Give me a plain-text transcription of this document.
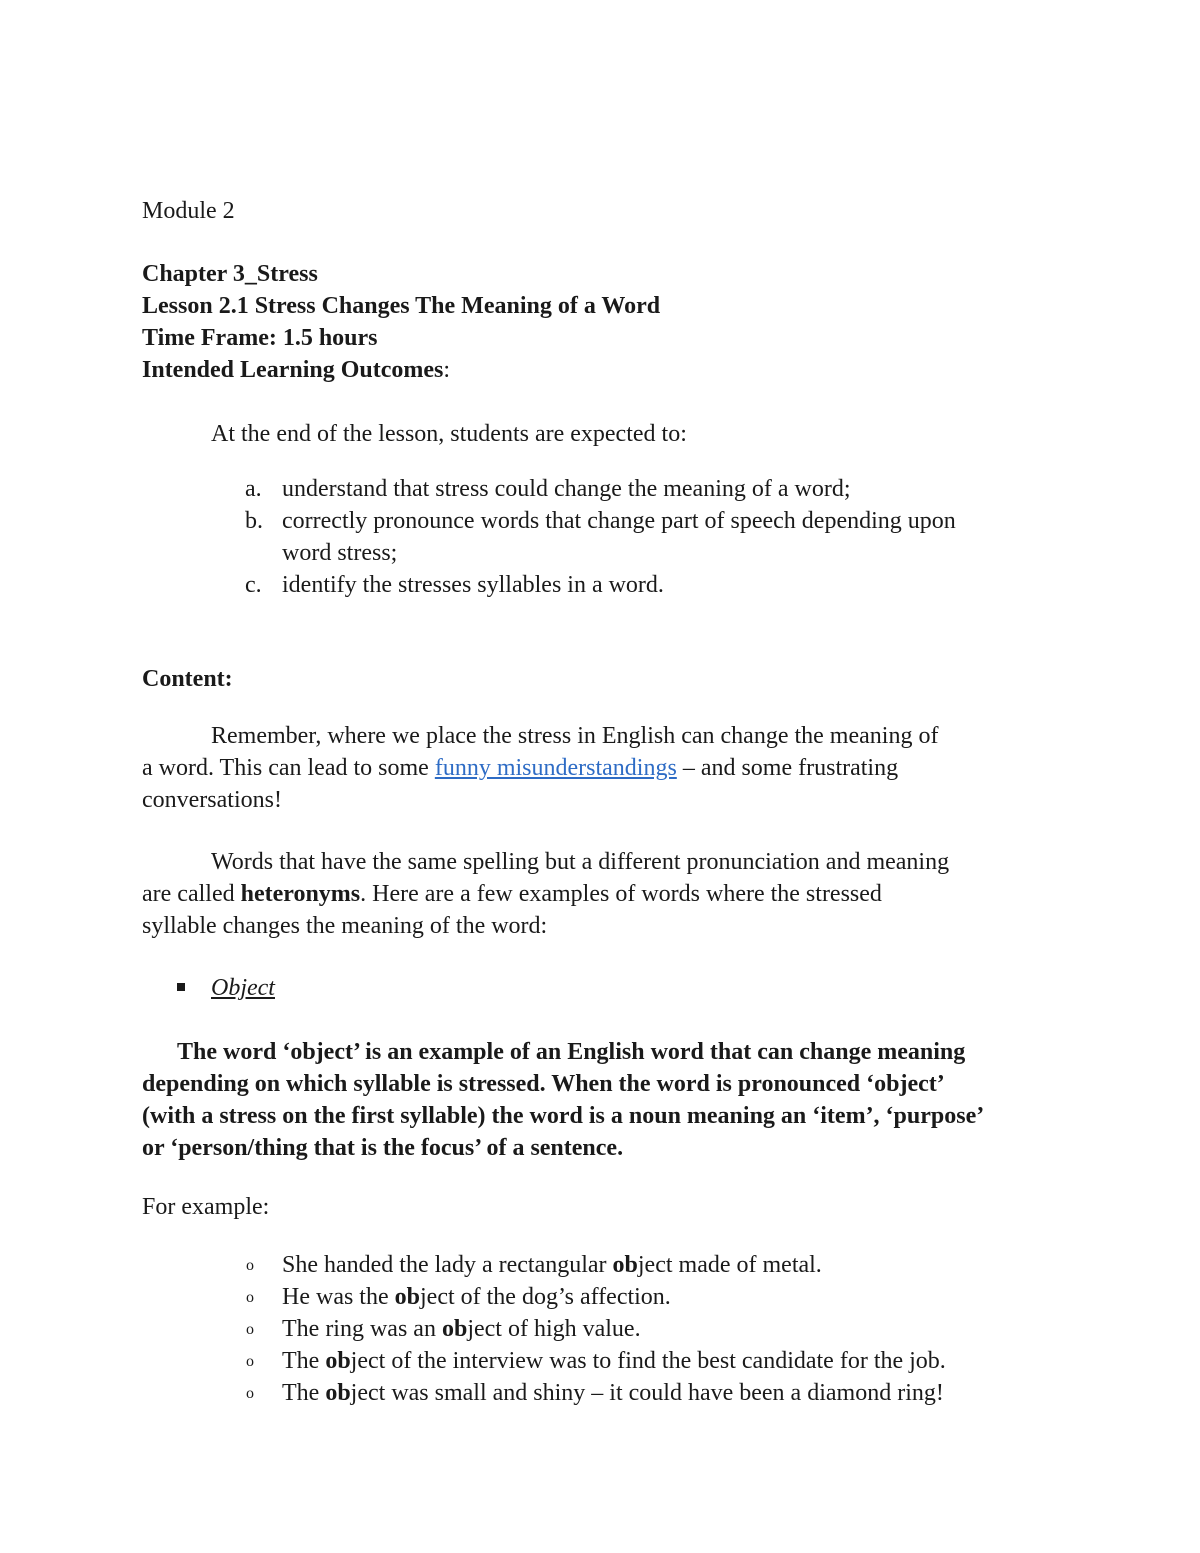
Module 2

Chapter 3_Stress

Lesson 2.1 Stress Changes The Meaning of a Word

Time Frame: 1.5 hours

Intended Learning Outcomes:

At the end of the lesson, students are expected to:

a. understand that stress could change the meaning of a word;
b. correctly pronounce words that change part of speech depending upon
word stress;
c. identify the stresses syllables in a word.

Content:

Remember, where we place the stress in English can change the meaning of

a word. This can lead to some funny misunderstandings – and some frustrating

conversations!

Words that have the same spelling but a different pronunciation and meaning

are called heteronyms. Here are a few examples of words where the stressed

syllable changes the meaning of the word:

Object

The word ‘object’ is an example of an English word that can change meaning

depending on which syllable is stressed. When the word is pronounced ‘object’

(with a stress on the first syllable) the word is a noun meaning an ‘item’, ‘purpose’

or ‘person/thing that is the focus’ of a sentence.

For example:

o She handed the lady a rectangular object made of metal.

o He was the object of the dog’s affection.

o The ring was an object of high value.

o The object of the interview was to find the best candidate for the job.

o The object was small and shiny – it could have been a diamond ring!
